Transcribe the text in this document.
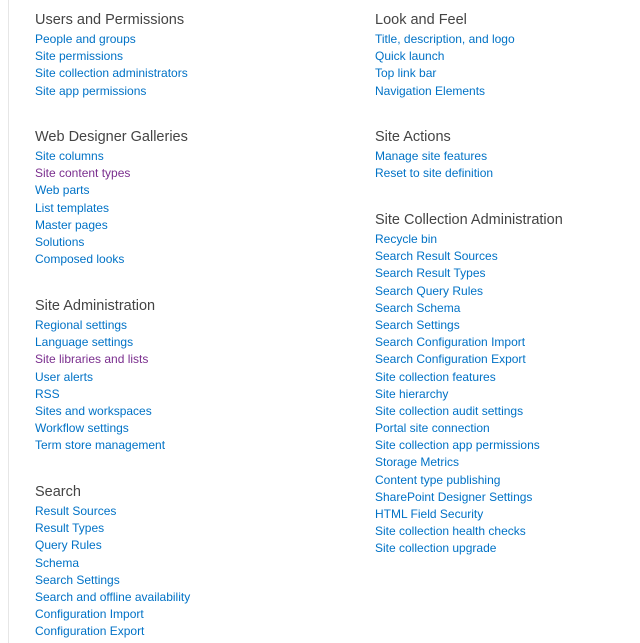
Users and Permissions
People and groups
Site permissions
Site collection administrators
Site app permissions
Web Designer Galleries
Site columns
Site content types
Web parts
List templates
Master pages
Solutions
Composed looks
Site Administration
Regional settings
Language settings
Site libraries and lists
User alerts
RSS
Sites and workspaces
Workflow settings
Term store management
Search
Result Sources
Result Types
Query Rules
Schema
Search Settings
Search and offline availability
Configuration Import
Configuration Export
Look and Feel
Title, description, and logo
Quick launch
Top link bar
Navigation Elements
Site Actions
Manage site features
Reset to site definition
Site Collection Administration
Recycle bin
Search Result Sources
Search Result Types
Search Query Rules
Search Schema
Search Settings
Search Configuration Import
Search Configuration Export
Site collection features
Site hierarchy
Site collection audit settings
Portal site connection
Site collection app permissions
Storage Metrics
Content type publishing
SharePoint Designer Settings
HTML Field Security
Site collection health checks
Site collection upgrade
